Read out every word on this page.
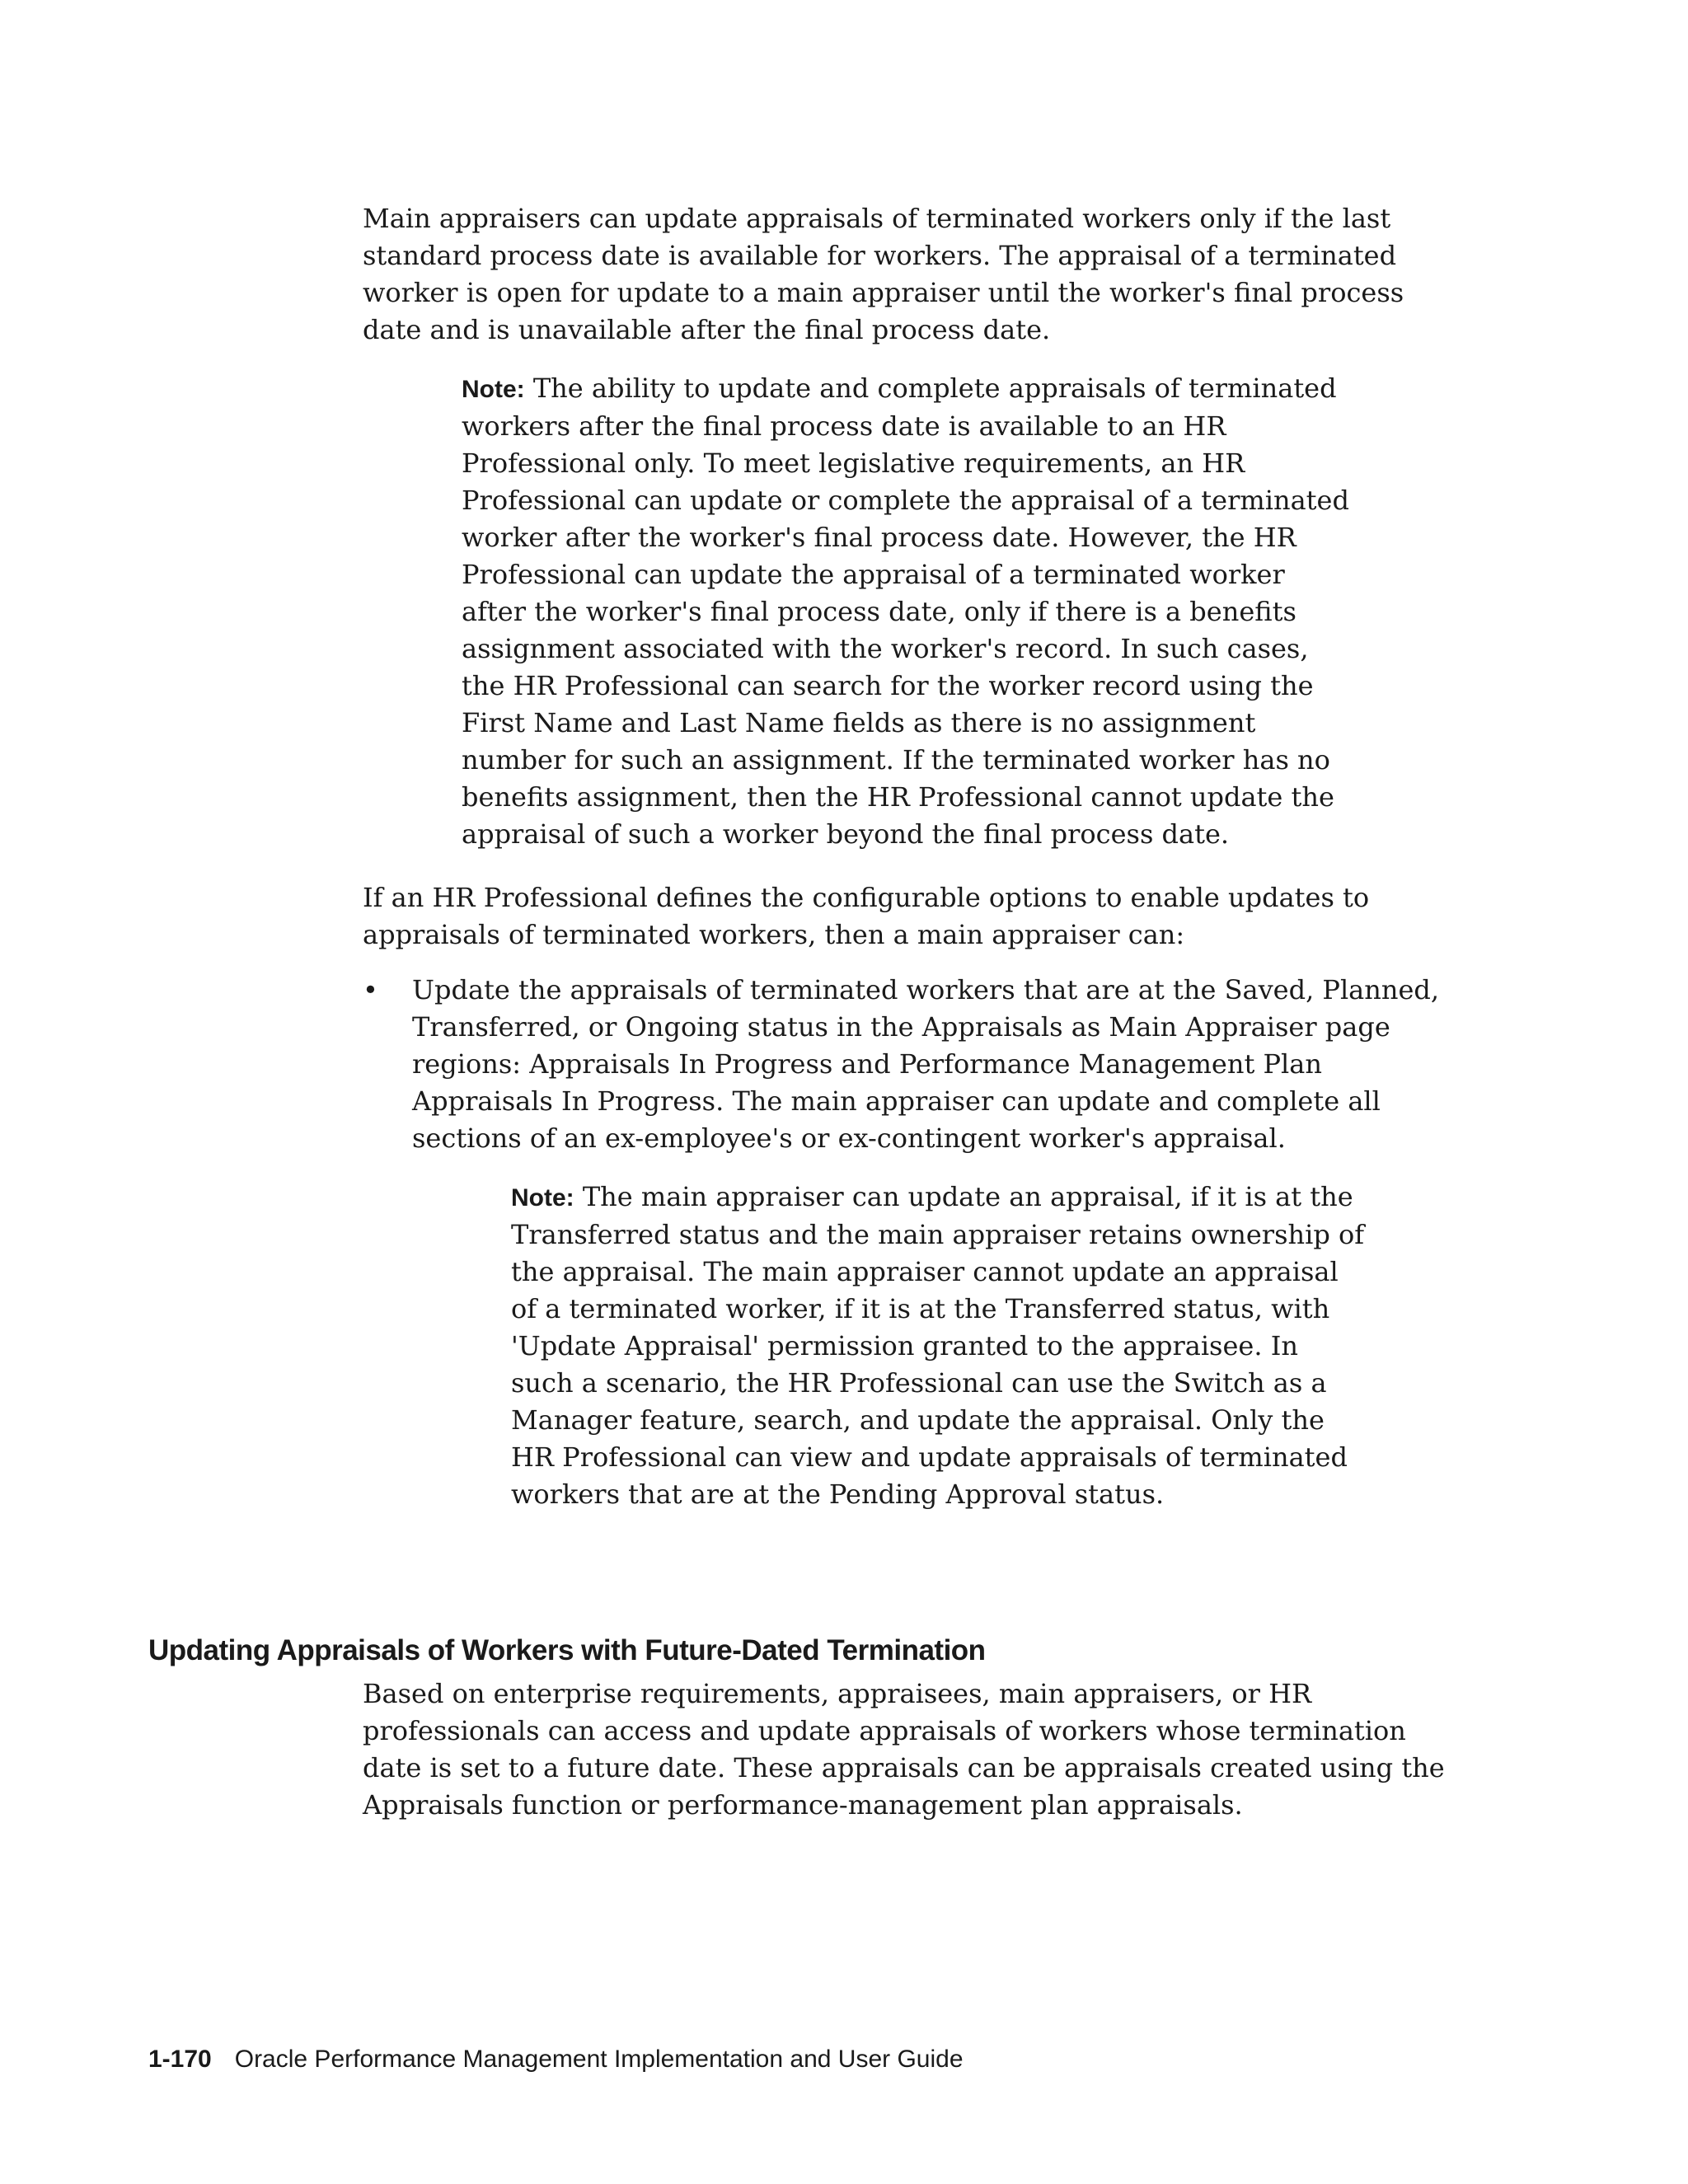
Main appraisers can update appraisals of terminated workers only if the last standard process date is available for workers. The appraisal of a terminated worker is open for update to a main appraiser until the worker's final process date and is unavailable after the final process date.

Note: The ability to update and complete appraisals of terminated workers after the final process date is available to an HR Professional only. To meet legislative requirements, an HR Professional can update or complete the appraisal of a terminated worker after the worker's final process date. However, the HR Professional can update the appraisal of a terminated worker after the worker's final process date, only if there is a benefits assignment associated with the worker's record. In such cases, the HR Professional can search for the worker record using the First Name and Last Name fields as there is no assignment number for such an assignment. If the terminated worker has no benefits assignment, then the HR Professional cannot update the appraisal of such a worker beyond the final process date.

If an HR Professional defines the configurable options to enable updates to appraisals of terminated workers, then a main appraiser can:

• Update the appraisals of terminated workers that are at the Saved, Planned, Transferred, or Ongoing status in the Appraisals as Main Appraiser page regions: Appraisals In Progress and Performance Management Plan Appraisals In Progress. The main appraiser can update and complete all sections of an ex-employee's or ex-contingent worker's appraisal.

Note: The main appraiser can update an appraisal, if it is at the Transferred status and the main appraiser retains ownership of the appraisal. The main appraiser cannot update an appraisal of a terminated worker, if it is at the Transferred status, with 'Update Appraisal' permission granted to the appraisee. In such a scenario, the HR Professional can use the Switch as a Manager feature, search, and update the appraisal. Only the HR Professional can view and update appraisals of terminated workers that are at the Pending Approval status.

Updating Appraisals of Workers with Future-Dated Termination

Based on enterprise requirements, appraisees, main appraisers, or HR professionals can access and update appraisals of workers whose termination date is set to a future date. These appraisals can be appraisals created using the Appraisals function or performance-management plan appraisals.

1-170 Oracle Performance Management Implementation and User Guide
